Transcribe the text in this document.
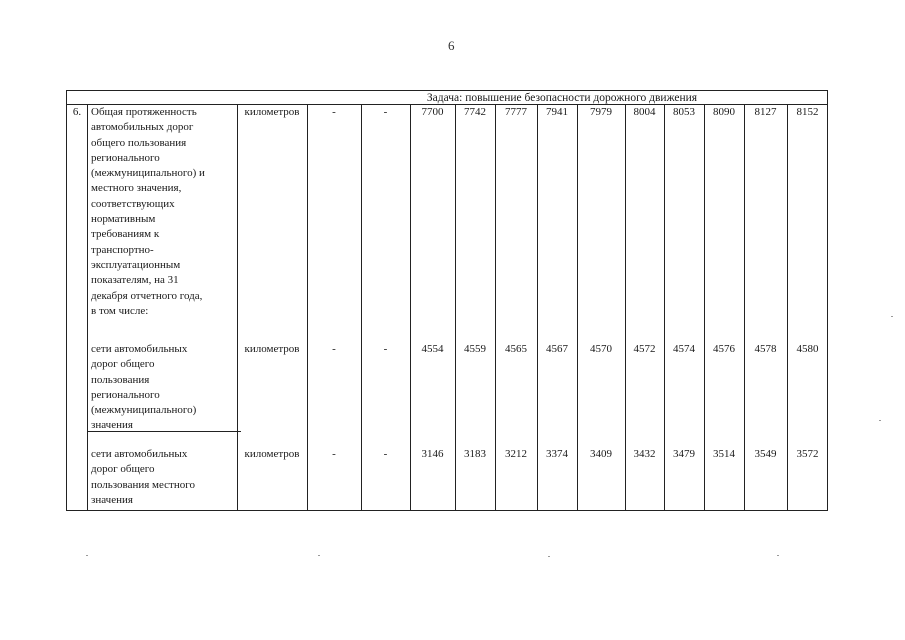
6
Задача: повышение безопасности дорожного движения
6. Общая протяженность
автомобильных дорог
общего пользования
регионального
(межмуниципального) и
местного значения,
соответствующих
нормативным
требованиям к
транспортно-
эксплуатационным
показателям, на 31
декабря отчетного года,
в том числе:
километров	-	-	7700	7742	7777	7941	7979	8004	8053	8090	8127	8152
сети автомобильных
дорог общего
пользования
регионального
(межмуниципального)
значения
километров	-	-	4554	4559	4565	4567	4570	4572	4574	4576	4578	4580
сети автомобильных
дорог общего
пользования местного
значения
километров	-	-	3146	3183	3212	3374	3409	3432	3479	3514	3549	3572
